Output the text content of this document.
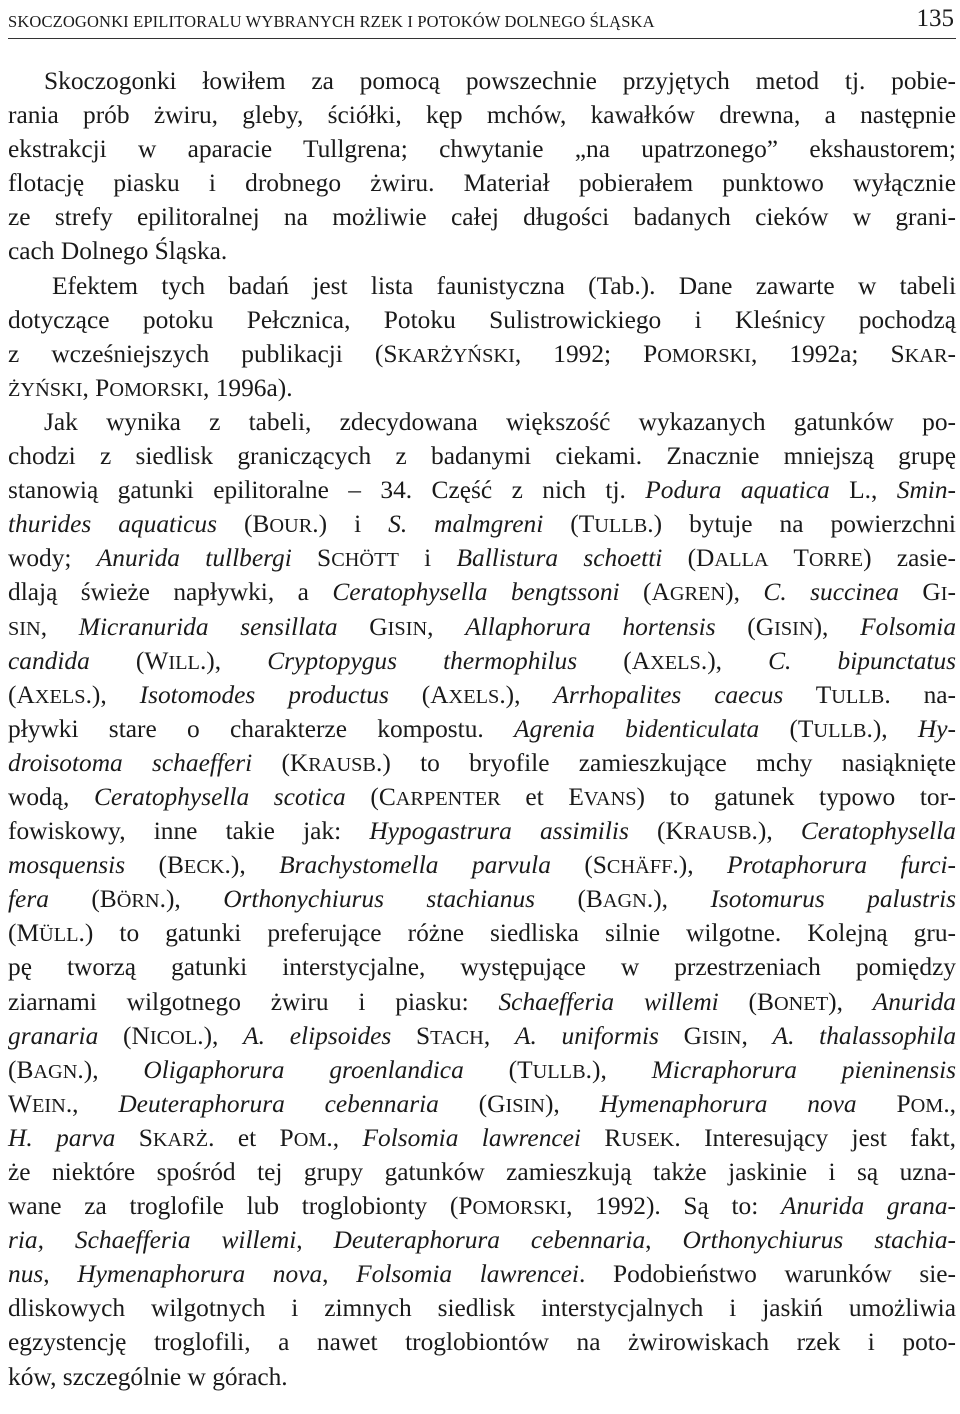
SKOCZOGONKI EPILITORALU WYBRANYCH RZEK I POTOKÓW DOLNEGO ŚLĄSKA	135
Skoczogonki łowiłem za pomocą powszechnie przyjętych metod tj. pobie-
rania prób żwiru, gleby, ściółki, kęp mchów, kawałków drewna, a następnie
ekstrakcji w aparacie Tullgrena; chwytanie „na upatrzonego” ekshaustorem;
flotację piasku i drobnego żwiru. Materiał pobierałem punktowo wyłącznie
ze strefy epilitoralnej na możliwie całej długości badanych cieków w grani-
cach Dolnego Śląska.
Efektem tych badań jest lista faunistyczna (Tab.). Dane zawarte w tabeli
dotyczące potoku Pełcznica, Potoku Sulistrowickiego i Kleśnicy pochodzą
z wcześniejszych publikacji (SKARŻYŃSKI, 1992; POMORSKI, 1992a; SKAR-
ŻYŃSKI, POMORSKI, 1996a).
Jak wynika z tabeli, zdecydowana większość wykazanych gatunków po-
chodzi z siedlisk graniczących z badanymi ciekami. Znacznie mniejszą grupę
stanowią gatunki epilitoralne – 34. Część z nich tj. Podura aquatica L., Smin-
thurides aquaticus (BOUR.) i S. malmgreni (TULLB.) bytuje na powierzchni
wody; Anurida tullbergi SCHÖTT i Ballistura schoetti (DALLA TORRE) zasie-
dlają świeże napływki, a Ceratophysella bengtssoni (AGREN), C. succinea GI-
SIN, Micranurida sensillata GISIN, Allaphorura hortensis (GISIN), Folsomia
candida (WILL.), Cryptopygus thermophilus (AXELS.), C. bipunctatus
(AXELS.), Isotomodes productus (AXELS.), Arrhopalites caecus TULLB. na-
pływki stare o charakterze kompostu. Agrenia bidenticulata (TULLB.), Hy-
droisotoma schaefferi (KRAUSB.) to bryofile zamieszkujące mchy nasiąknięte
wodą, Ceratophysella scotica (CARPENTER et EVANS) to gatunek typowo tor-
fowiskowy, inne takie jak: Hypogastrura assimilis (KRAUSB.), Ceratophysella
mosquensis (BECK.), Brachystomella parvula (SCHÄFF.), Protaphorura furci-
fera (BÖRN.), Orthonychiurus stachianus (BAGN.), Isotomurus palustris
(MÜLL.) to gatunki preferujące różne siedliska silnie wilgotne. Kolejną gru-
pę tworzą gatunki interstycjalne, występujące w przestrzeniach pomiędzy
ziarnami wilgotnego żwiru i piasku: Schaefferia willemi (BONET), Anurida
granaria (NICOL.), A. elipsoides STACH, A. uniformis GISIN, A. thalassophila
(BAGN.), Oligaphorura groenlandica (TULLB.), Micraphorura pieninensis
WEIN., Deuteraphorura cebennaria (GISIN), Hymenaphorura nova POM.,
H. parva SKARŻ. et POM., Folsomia lawrencei RUSEK. Interesujący jest fakt,
że niektóre spośród tej grupy gatunków zamieszkują także jaskinie i są uzna-
wane za troglofile lub troglobionty (POMORSKI, 1992). Są to: Anurida grana-
ria, Schaefferia willemi, Deuteraphorura cebennaria, Orthonychiurus stachia-
nus, Hymenaphorura nova, Folsomia lawrencei. Podobieństwo warunków sie-
dliskowych wilgotnych i zimnych siedlisk interstycjalnych i jaskiń umożliwia
egzystencję troglofili, a nawet troglobiontów na żwirowiskach rzek i poto-
ków, szczególnie w górach.
